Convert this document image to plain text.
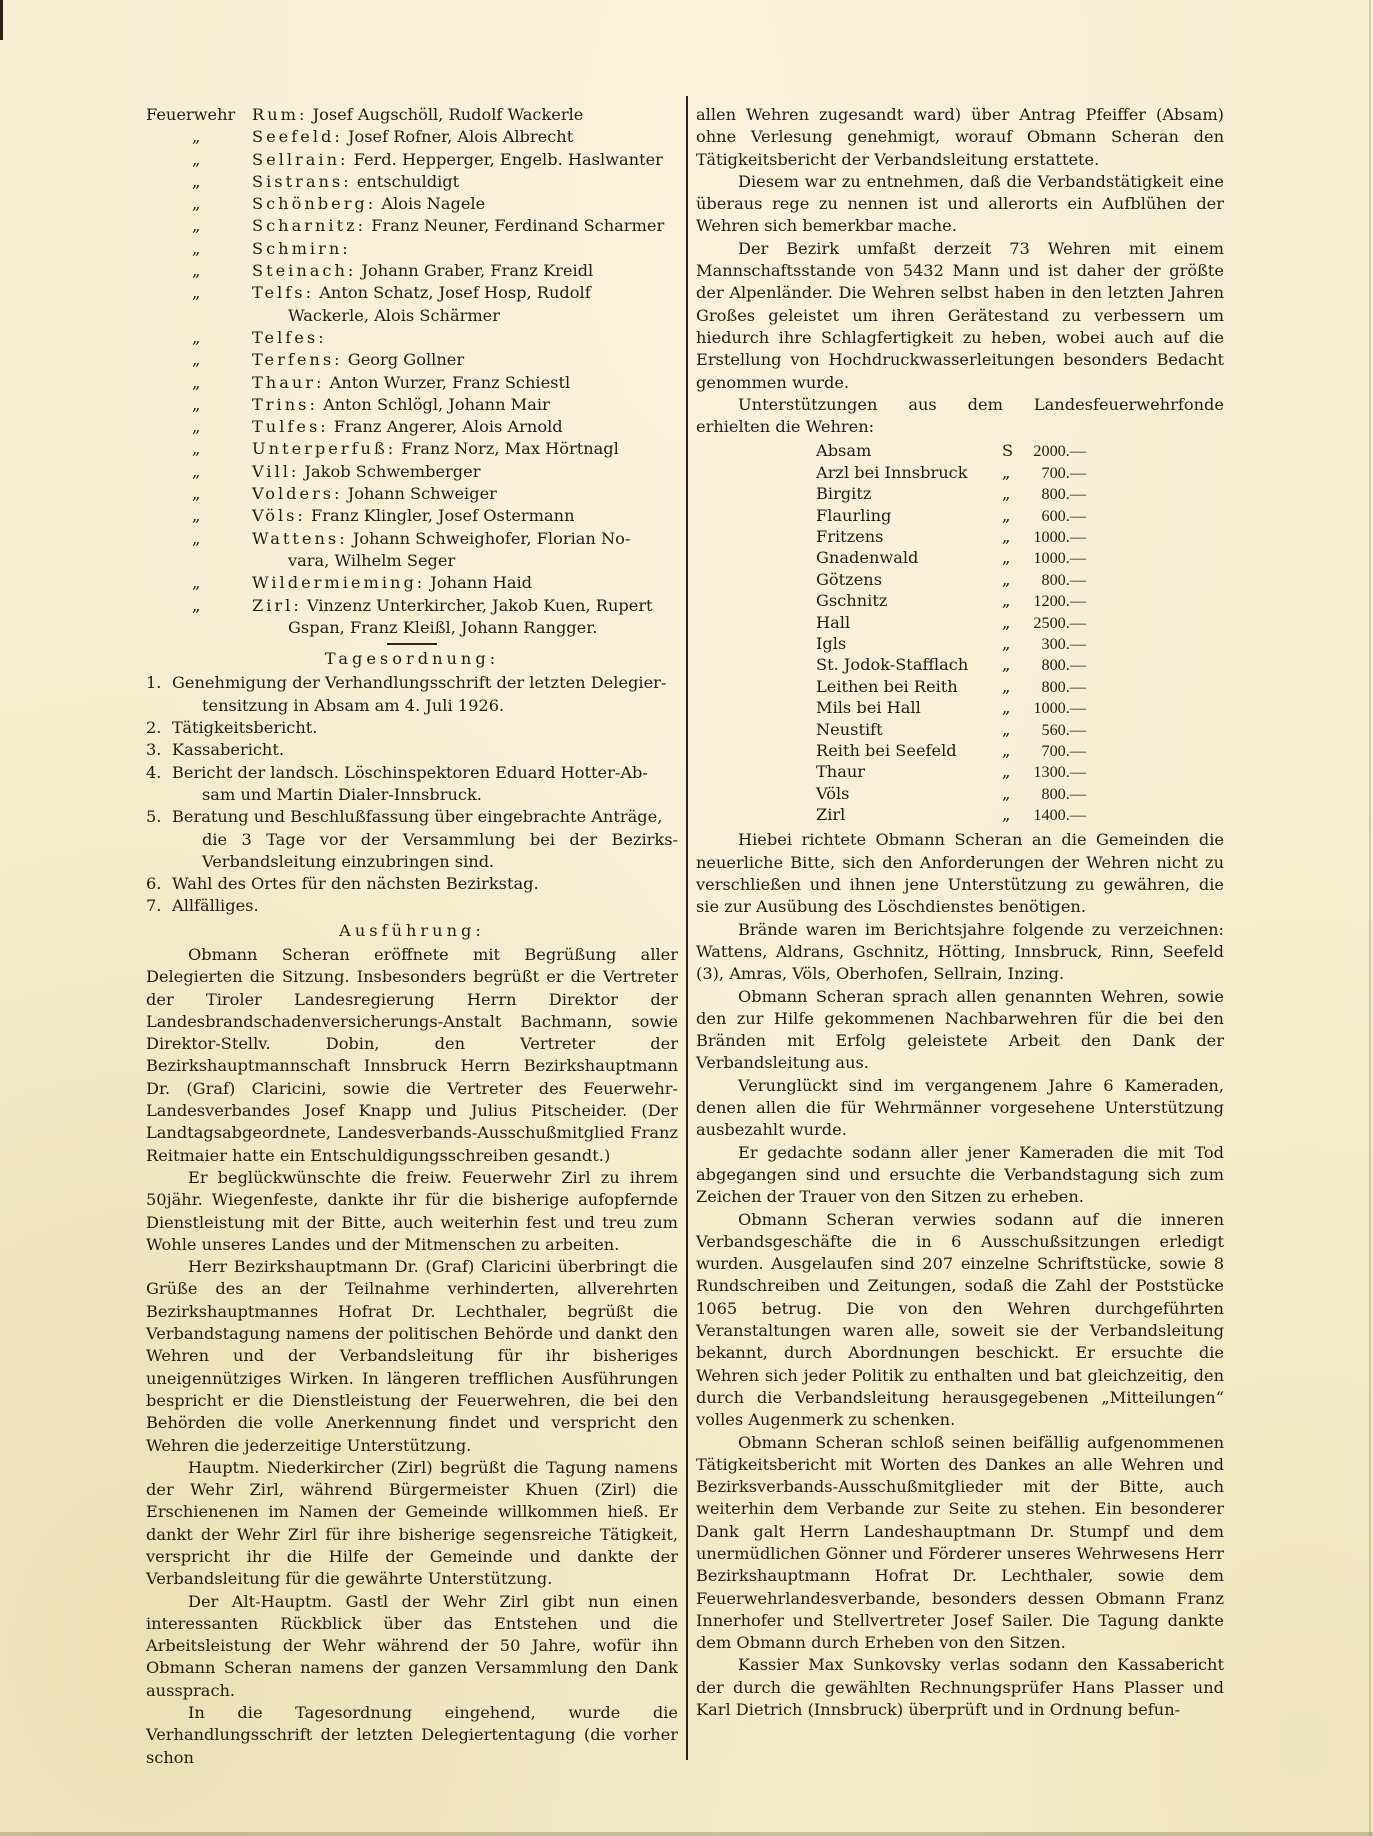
Feuerwehr	Rum: Josef Augschöll, Rudolf Wackerle
„	Seefeld: Josef Rofner, Alois Albrecht
„	Sellrain: Ferd. Hepperger, Engelb. Haslwanter
„	Sistrans: entschuldigt
„	Schönberg: Alois Nagele
„	Scharnitz: Franz Neuner, Ferdinand Scharmer
„	Schmirn:
„	Steinach: Johann Graber, Franz Kreidl
„	Telfs: Anton Schatz, Josef Hosp, Rudolf
Wackerle, Alois Schärmer
„	Telfes:
„	Terfens: Georg Gollner
„	Thaur: Anton Wurzer, Franz Schiestl
„	Trins: Anton Schlögl, Johann Mair
„	Tulfes: Franz Angerer, Alois Arnold
„	Unterperfuß: Franz Norz, Max Hörtnagl
„	Vill: Jakob Schwemberger
„	Volders: Johann Schweiger
„	Völs: Franz Klingler, Josef Ostermann
„	Wattens: Johann Schweighofer, Florian No-
vara, Wilhelm Seger
„	Wildermieming: Johann Haid
„	Zirl: Vinzenz Unterkircher, Jakob Kuen, Rupert
Gspan, Franz Kleißl, Johann Rangger.
Tagesordnung:
1. Genehmigung der Verhandlungsschrift der letzten Delegier-
tensitzung in Absam am 4. Juli 1926.
2. Tätigkeitsbericht.
3. Kassabericht.
4. Bericht der landsch. Löschinspektoren Eduard Hotter-Ab-
sam und Martin Dialer-Innsbruck.
5. Beratung und Beschlußfassung über eingebrachte Anträge,
die 3 Tage vor der Versammlung bei der Bezirks-Verbandsleitung einzubringen sind.
6. Wahl des Ortes für den nächsten Bezirkstag.
7. Allfälliges.
Ausführung:

Obmann Scheran eröffnete mit Begrüßung aller Delegierten die Sitzung. Insbesonders begrüßt er die Vertreter der Tiroler Landesregierung Herrn Direktor der Landesbrandschadenversicherungs-Anstalt Bachmann, sowie Direktor-Stellv. Dobin, den Vertreter der Bezirkshauptmannschaft Innsbruck Herrn Bezirkshauptmann Dr. (Graf) Claricini, sowie die Vertreter des Feuerwehr-Landesverbandes Josef Knapp und Julius Pitscheider. (Der Landtagsabgeordnete, Landesverbands-Ausschußmitglied Franz Reitmaier hatte ein Entschuldigungsschreiben gesandt.)

Er beglückwünschte die freiw. Feuerwehr Zirl zu ihrem 50jähr. Wiegenfeste, dankte ihr für die bisherige aufopfernde Dienstleistung mit der Bitte, auch weiterhin fest und treu zum Wohle unseres Landes und der Mitmenschen zu arbeiten.

Herr Bezirkshauptmann Dr. (Graf) Claricini überbringt die Grüße des an der Teilnahme verhinderten, allverehrten Bezirkshauptmannes Hofrat Dr. Lechthaler, begrüßt die Verbandstagung namens der politischen Behörde und dankt den Wehren und der Verbandsleitung für ihr bisheriges uneigennütziges Wirken. In längeren trefflichen Ausführungen bespricht er die Dienstleistung der Feuerwehren, die bei den Behörden die volle Anerkennung findet und verspricht den Wehren die jederzeitige Unterstützung.

Hauptm. Niederkircher (Zirl) begrüßt die Tagung namens der Wehr Zirl, während Bürgermeister Khuen (Zirl) die Erschienenen im Namen der Gemeinde willkommen hieß. Er dankt der Wehr Zirl für ihre bisherige segensreiche Tätigkeit, verspricht ihr die Hilfe der Gemeinde und dankte der Verbandsleitung für die gewährte Unterstützung.

Der Alt-Hauptm. Gastl der Wehr Zirl gibt nun einen interessanten Rückblick über das Entstehen und die Arbeitsleistung der Wehr während der 50 Jahre, wofür ihn Obmann Scheran namens der ganzen Versammlung den Dank aussprach.

In die Tagesordnung eingehend, wurde die Verhandlungsschrift der letzten Delegiertentagung (die vorher schon

allen Wehren zugesandt ward) über Antrag Pfeiffer (Absam) ohne Verlesung genehmigt, worauf Obmann Scheran den Tätigkeitsbericht der Verbandsleitung erstattete.

Diesem war zu entnehmen, daß die Verbandstätigkeit eine überaus rege zu nennen ist und allerorts ein Aufblühen der Wehren sich bemerkbar mache.

Der Bezirk umfaßt derzeit 73 Wehren mit einem Mannschaftsstande von 5432 Mann und ist daher der größte der Alpenländer. Die Wehren selbst haben in den letzten Jahren Großes geleistet um ihren Gerätestand zu verbessern um hiedurch ihre Schlagfertigkeit zu heben, wobei auch auf die Erstellung von Hochdruckwasserleitungen besonders Bedacht genommen wurde.

Unterstützungen aus dem Landesfeuerwehrfonde erhielten die Wehren:

Absam	S	2000.—
Arzl bei Innsbruck	„	700.—
Birgitz	„	800.—
Flaurling	„	600.—
Fritzens	„	1000.—
Gnadenwald	„	1000.—
Götzens	„	800.—
Gschnitz	„	1200.—
Hall	„	2500.—
Igls	„	300.—
St. Jodok-Stafflach	„	800.—
Leithen bei Reith	„	800.—
Mils bei Hall	„	1000.—
Neustift	„	560.—
Reith bei Seefeld	„	700.—
Thaur	„	1300.—
Völs	„	800.—
Zirl	„	1400.—

Hiebei richtete Obmann Scheran an die Gemeinden die neuerliche Bitte, sich den Anforderungen der Wehren nicht zu verschließen und ihnen jene Unterstützung zu gewähren, die sie zur Ausübung des Löschdienstes benötigen.

Brände waren im Berichtsjahre folgende zu verzeichnen: Wattens, Aldrans, Gschnitz, Hötting, Innsbruck, Rinn, Seefeld (3), Amras, Völs, Oberhofen, Sellrain, Inzing.

Obmann Scheran sprach allen genannten Wehren, sowie den zur Hilfe gekommenen Nachbarwehren für die bei den Bränden mit Erfolg geleistete Arbeit den Dank der Verbandsleitung aus.

Verunglückt sind im vergangenem Jahre 6 Kameraden, denen allen die für Wehrmänner vorgesehene Unterstützung ausbezahlt wurde.

Er gedachte sodann aller jener Kameraden die mit Tod abgegangen sind und ersuchte die Verbandstagung sich zum Zeichen der Trauer von den Sitzen zu erheben.

Obmann Scheran verwies sodann auf die inneren Verbandsgeschäfte die in 6 Ausschußsitzungen erledigt wurden. Ausgelaufen sind 207 einzelne Schriftstücke, sowie 8 Rundschreiben und Zeitungen, sodaß die Zahl der Poststücke 1065 betrug. Die von den Wehren durchgeführten Veranstaltungen waren alle, soweit sie der Verbandsleitung bekannt, durch Abordnungen beschickt. Er ersuchte die Wehren sich jeder Politik zu enthalten und bat gleichzeitig, den durch die Verbandsleitung herausgegebenen „Mitteilungen“ volles Augenmerk zu schenken.

Obmann Scheran schloß seinen beifällig aufgenommenen Tätigkeitsbericht mit Worten des Dankes an alle Wehren und Bezirksverbands-Ausschußmitglieder mit der Bitte, auch weiterhin dem Verbande zur Seite zu stehen. Ein besonderer Dank galt Herrn Landeshauptmann Dr. Stumpf und dem unermüdlichen Gönner und Förderer unseres Wehrwesens Herr Bezirkshauptmann Hofrat Dr. Lechthaler, sowie dem Feuerwehrlandesverbande, besonders dessen Obmann Franz Innerhofer und Stellvertreter Josef Sailer. Die Tagung dankte dem Obmann durch Erheben von den Sitzen.

Kassier Max Sunkovsky verlas sodann den Kassabericht der durch die gewählten Rechnungsprüfer Hans Plasser und Karl Dietrich (Innsbruck) überprüft und in Ordnung befun-
